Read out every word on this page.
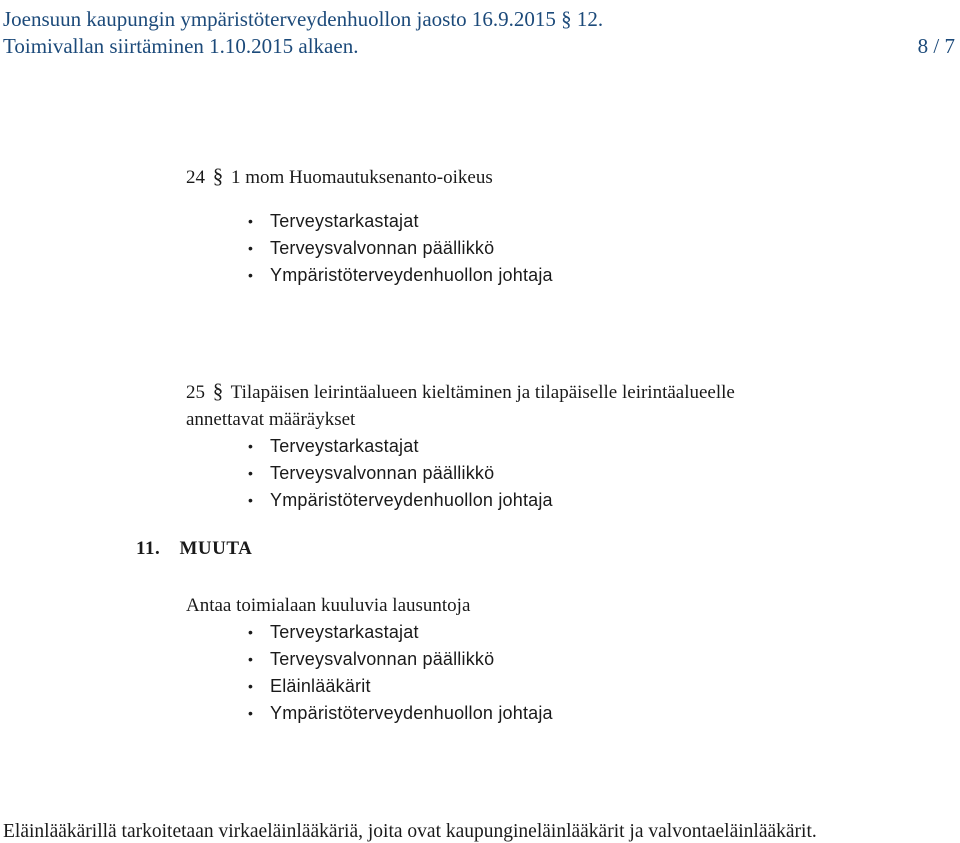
Joensuun kaupungin ympäristöterveydenhuollon jaosto 16.9.2015 § 12.
Toimivallan siirtäminen 1.10.2015 alkaen.	8 / 7
24 § 1 mom Huomautuksenanto-oikeus
• Terveystarkastajat
• Terveysvalvonnan päällikkö
• Ympäristöterveydenhuollon johtaja
25 § Tilapäisen leirintäalueen kieltäminen ja tilapäiselle leirintäalueelle annettavat määräykset
• Terveystarkastajat
• Terveysvalvonnan päällikkö
• Ympäristöterveydenhuollon johtaja
11. MUUTA
Antaa toimialaan kuuluvia lausuntoja
• Terveystarkastajat
• Terveysvalvonnan päällikkö
• Eläinlääkärit
• Ympäristöterveydenhuollon johtaja

Eläinlääkärillä tarkoitetaan virkaeläinlääkäriä, joita ovat kaupungineläinlääkärit ja valvontaeläinlääkärit.
